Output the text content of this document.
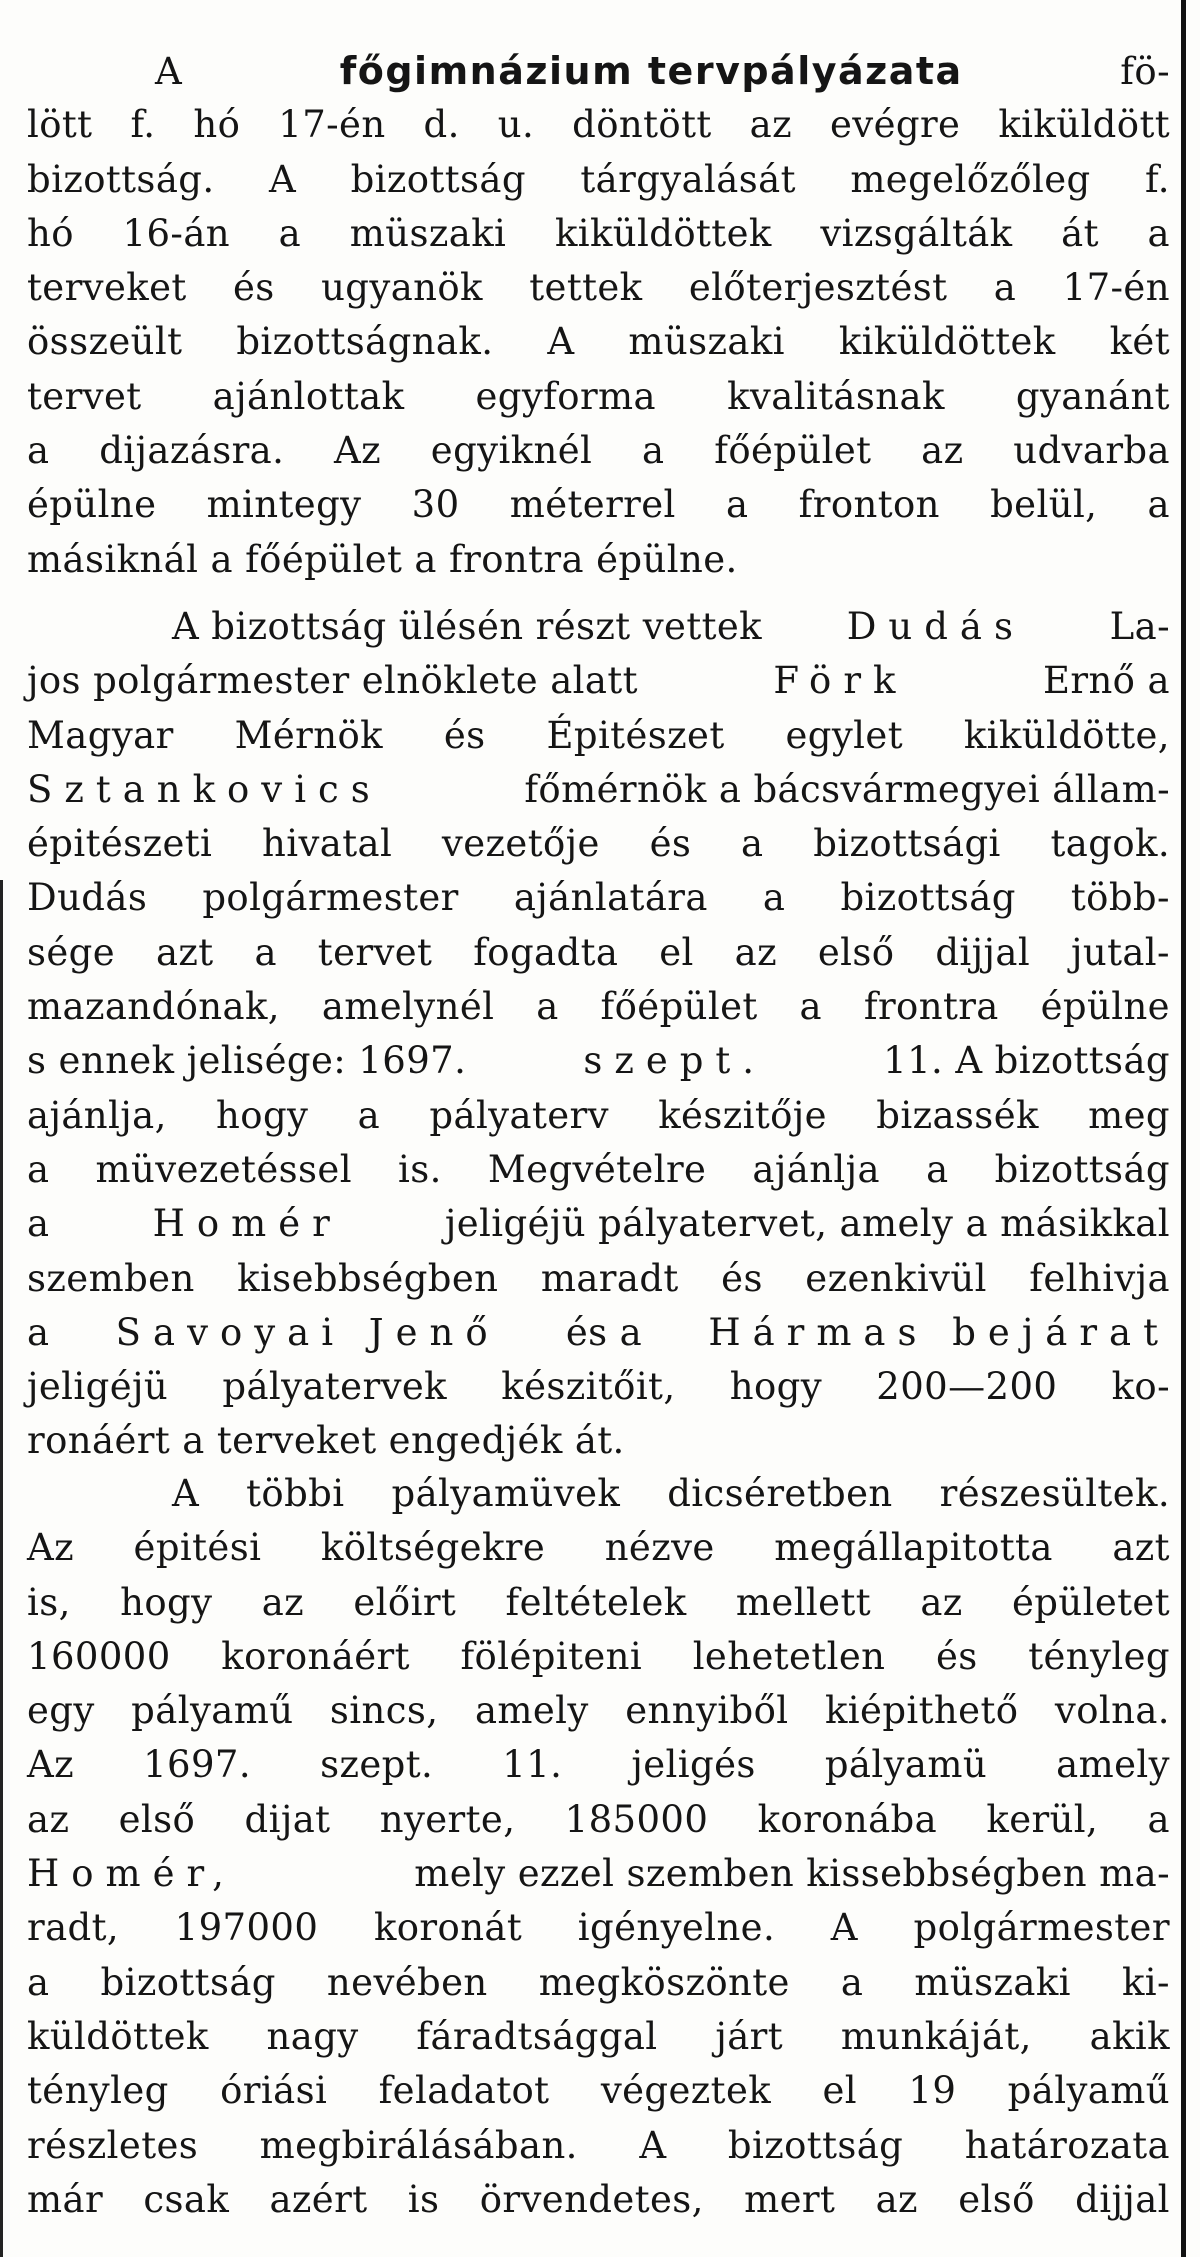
A	főgimnázium tervpályázata	fö-
lött f. hó 17-én d. u. döntött az evégre kiküldött
bizottság. A bizottság tárgyalását megelőzőleg f.
hó 16-án a müszaki kiküldöttek vizsgálták át a
terveket és ugyanök tettek előterjesztést a 17-én
összeült bizottságnak. A müszaki kiküldöttek két
tervet ajánlottak egyforma kvalitásnak gyanánt
a dijazásra. Az egyiknél a főépület az udvarba
épülne mintegy 30 méterrel a fronton belül, a
másiknál a főépület a frontra épülne.
A bizottság ülésén részt vettek Dudás La-
jos polgármester elnöklete alatt	Förk	Ernő a
Magyar Mérnök és Épitészet egylet kiküldötte,
Sztankovics	főmérnök a bácsvármegyei állam-
épitészeti hivatal vezetője és a bizottsági tagok.
Dudás polgármester ajánlatára a bizottság több-
sége azt a tervet fogadta el az első dijjal jutal-
mazandónak, amelynél a főépület a frontra épülne
s ennek jelisége: 1697.	szept.	11. A bizottság
ajánlja, hogy a pályaterv készitője bizassék meg
a müvezetéssel is. Megvételre ajánlja a bizottság
a	Homér	jeligéjü pályatervet, amely a másikkal
szemben kisebbségben maradt és ezenkivül felhivja
a Savoyai Jenő és a Hármas bejárat
jeligéjü pályatervek készitőit, hogy 200—200 ko-
ronáért a terveket engedjék át.
A többi pályamüvek dicséretben részesültek.
Az épitési költségekre nézve megállapitotta azt
is, hogy az előirt feltételek mellett az épületet
160000 koronáért fölépiteni lehetetlen és tényleg
egy pályamű sincs, amely ennyiből kiépithető volna.
Az 1697. szept. 11. jeligés pályamü amely
az első dijat nyerte, 185000 koronába kerül, a
Homér,	mely ezzel szemben kissebbségben ma-
radt, 197000 koronát igényelne. A polgármester
a bizottság nevében megköszönte a müszaki ki-
küldöttek nagy fáradtsággal járt munkáját, akik
tényleg óriási feladatot végeztek el 19 pályamű
részletes megbirálásában. A bizottság határozata
már csak azért is örvendetes, mert az első dijjal
